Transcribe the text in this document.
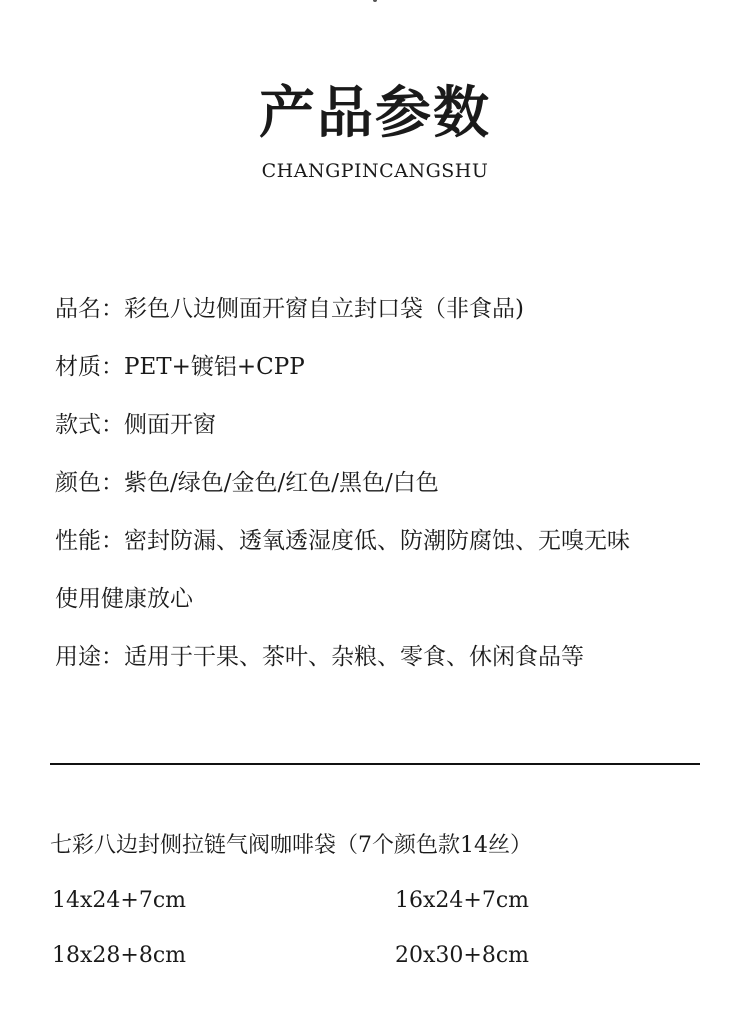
产品参数
CHANGPINCANGSHU
品名：彩色八边侧面开窗自立封口袋（非食品)
材质：PET+镀铝+CPP
款式：侧面开窗
颜色：紫色/绿色/金色/红色/黑色/白色
性能：密封防漏、透氧透湿度低、防潮防腐蚀、无嗅无味
使用健康放心
用途：适用于干果、茶叶、杂粮、零食、休闲食品等
七彩八边封侧拉链气阀咖啡袋（7个颜色款14丝）
14x24+7cm	16x24+7cm
18x28+8cm	20x30+8cm
